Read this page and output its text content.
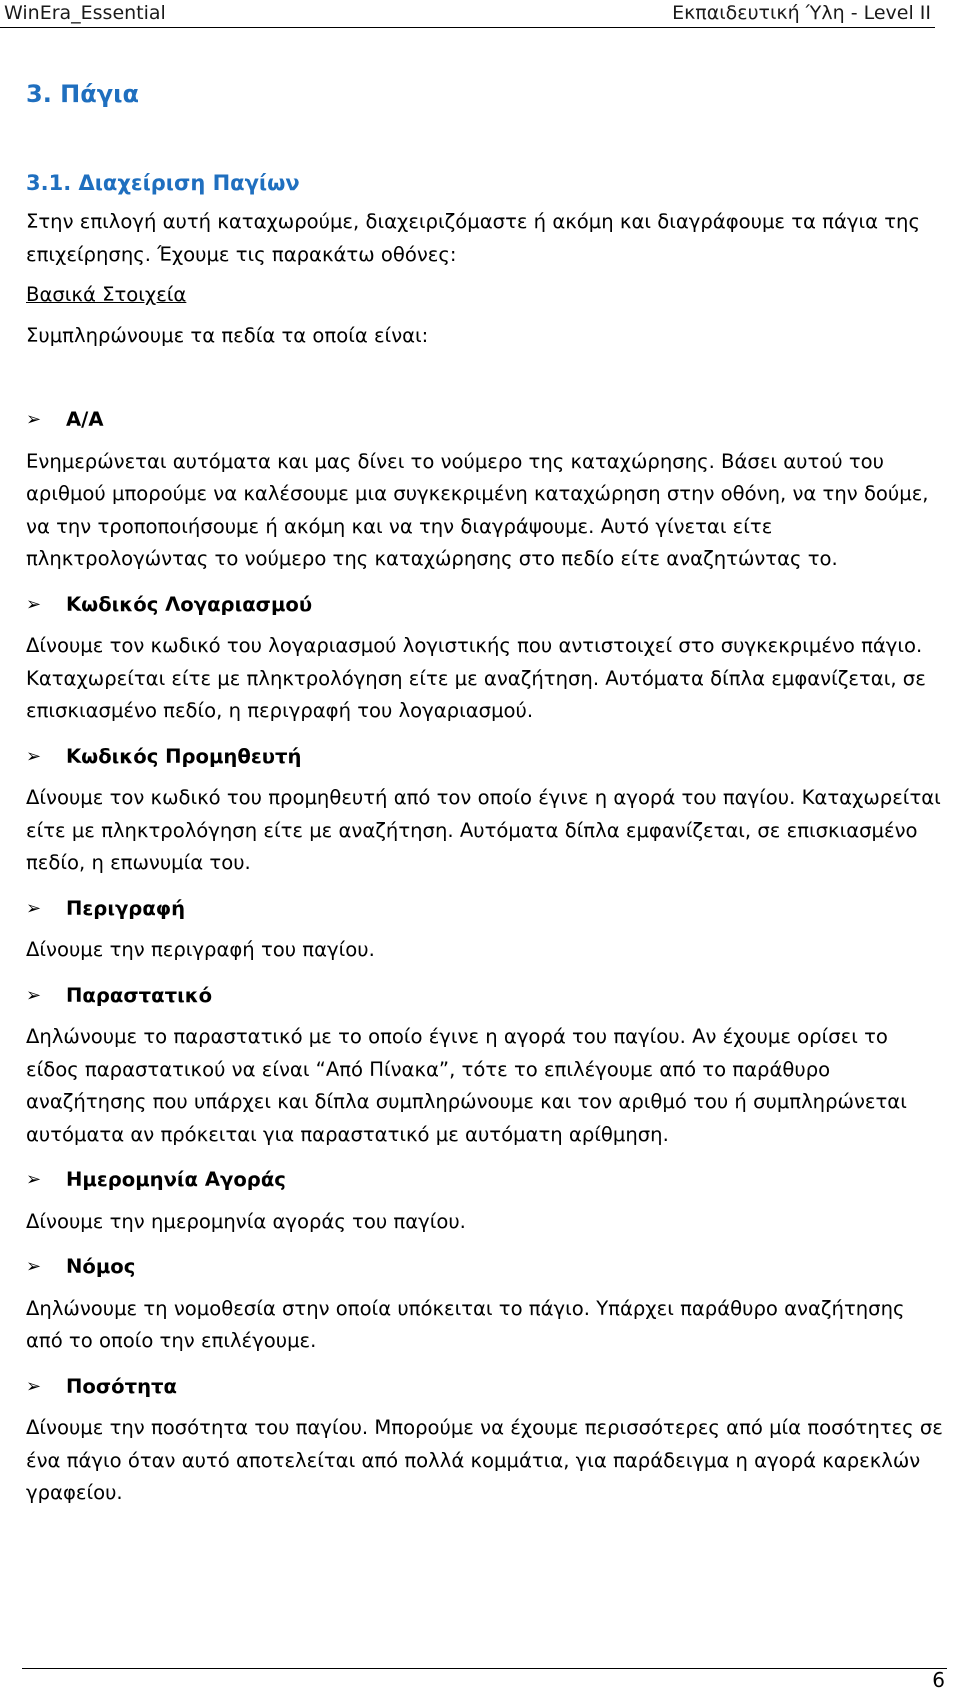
WinEra_Essential	Εκπαιδευτική Ύλη - Level II
3. Πάγια
3.1. Διαχείριση Παγίων

Στην επιλογή αυτή καταχωρούμε, διαχειριζόμαστε ή ακόμη και διαγράφουμε τα πάγια της επιχείρησης. Έχουμε τις παρακάτω οθόνες:

Βασικά Στοιχεία

Συμπληρώνουμε τα πεδία τα οποία είναι:

➢	Α/Α

Ενημερώνεται αυτόματα και μας δίνει το νούμερο της καταχώρησης. Βάσει αυτού του αριθμού μπορούμε να καλέσουμε μια συγκεκριμένη καταχώρηση στην οθόνη, να την δούμε, να την τροποποιήσουμε ή ακόμη και να την διαγράψουμε. Αυτό γίνεται είτε πληκτρολογώντας το νούμερο της καταχώρησης στο πεδίο είτε αναζητώντας το.

➢	Κωδικός Λογαριασμού

Δίνουμε τον κωδικό του λογαριασμού λογιστικής που αντιστοιχεί στο συγκεκριμένο πάγιο. Καταχωρείται είτε με πληκτρολόγηση είτε με αναζήτηση. Αυτόματα δίπλα εμφανίζεται, σε επισκιασμένο πεδίο, η περιγραφή του λογαριασμού.

➢	Κωδικός Προμηθευτή

Δίνουμε τον κωδικό του προμηθευτή από τον οποίο έγινε η αγορά του παγίου. Καταχωρείται είτε με πληκτρολόγηση είτε με αναζήτηση. Αυτόματα δίπλα εμφανίζεται, σε επισκιασμένο πεδίο, η επωνυμία του.

➢	Περιγραφή

Δίνουμε την περιγραφή του παγίου.

➢	Παραστατικό

Δηλώνουμε το παραστατικό με το οποίο έγινε η αγορά του παγίου. Αν έχουμε ορίσει το είδος παραστατικού να είναι “Από Πίνακα”, τότε το επιλέγουμε από το παράθυρο αναζήτησης που υπάρχει και δίπλα συμπληρώνουμε και τον αριθμό του ή συμπληρώνεται αυτόματα αν πρόκειται για παραστατικό με αυτόματη αρίθμηση.

➢	Ημερομηνία Αγοράς

Δίνουμε την ημερομηνία αγοράς του παγίου.

➢	Νόμος

Δηλώνουμε τη νομοθεσία στην οποία υπόκειται το πάγιο. Υπάρχει παράθυρο αναζήτησης από το οποίο την επιλέγουμε.

➢	Ποσότητα

Δίνουμε την ποσότητα του παγίου. Μπορούμε να έχουμε περισσότερες από μία ποσότητες σε ένα πάγιο όταν αυτό αποτελείται από πολλά κομμάτια, για παράδειγμα η αγορά καρεκλών γραφείου.

6
